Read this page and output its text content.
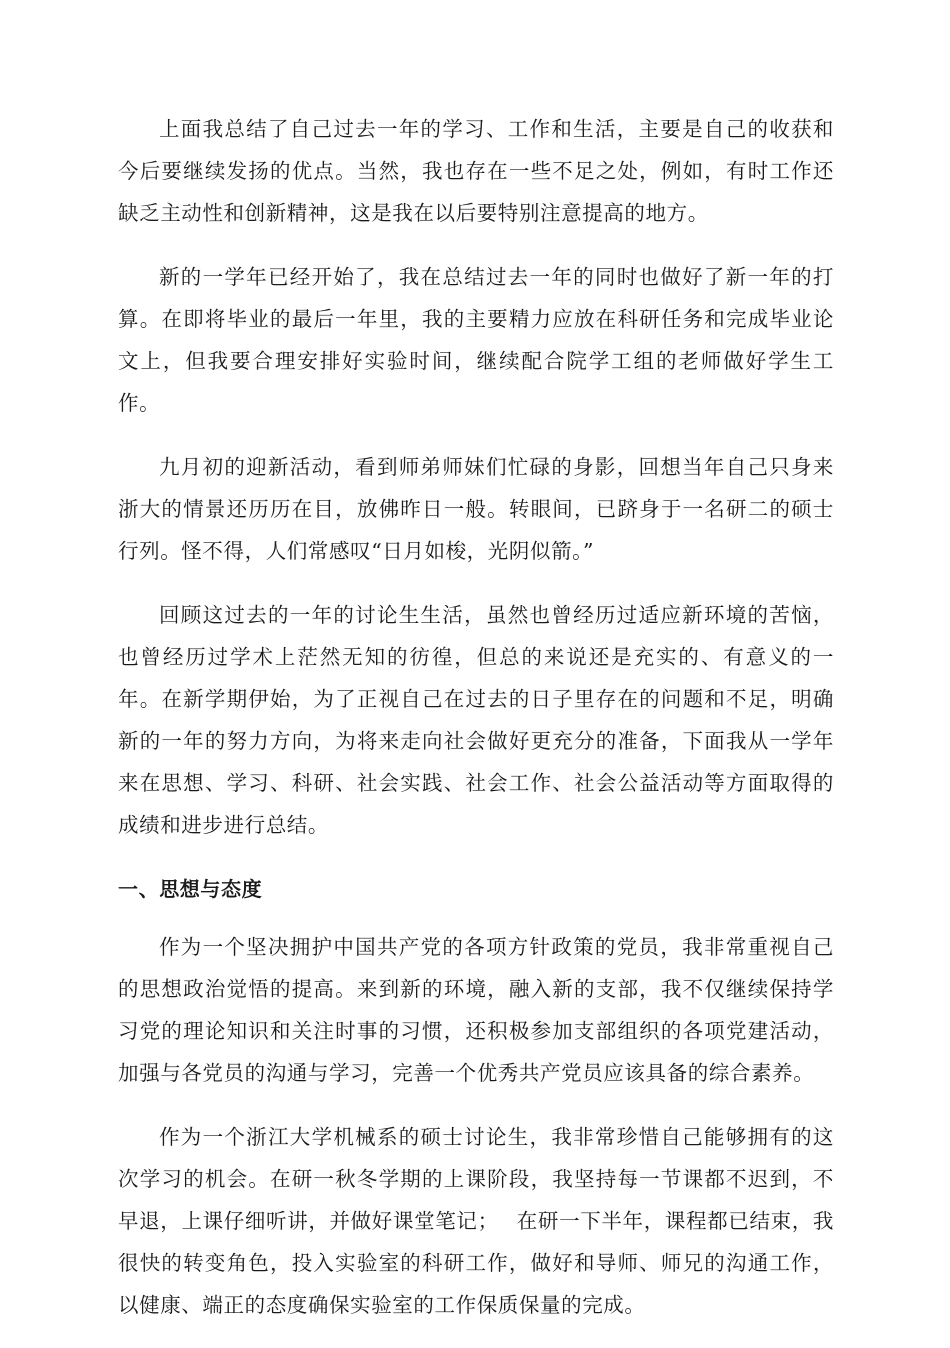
上面我总结了自己过去一年的学习、工作和生活，主要是自己的收获和今后要继续发扬的优点。当然，我也存在一些不足之处，例如，有时工作还缺乏主动性和创新精神，这是我在以后要特别注意提高的地方。

新的一学年已经开始了，我在总结过去一年的同时也做好了新一年的打算。在即将毕业的最后一年里，我的主要精力应放在科研任务和完成毕业论文上，但我要合理安排好实验时间，继续配合院学工组的老师做好学生工作。

九月初的迎新活动，看到师弟师妹们忙碌的身影，回想当年自己只身来浙大的情景还历历在目，放佛昨日一般。转眼间，已跻身于一名研二的硕士行列。怪不得，人们常感叹“日月如梭，光阴似箭。”

回顾这过去的一年的讨论生生活，虽然也曾经历过适应新环境的苦恼，也曾经历过学术上茫然无知的彷徨，但总的来说还是充实的、有意义的一年。在新学期伊始，为了正视自己在过去的日子里存在的问题和不足，明确新的一年的努力方向，为将来走向社会做好更充分的准备，下面我从一学年来在思想、学习、科研、社会实践、社会工作、社会公益活动等方面取得的成绩和进步进行总结。

一、思想与态度

作为一个坚决拥护中国共产党的各项方针政策的党员，我非常重视自己的思想政治觉悟的提高。来到新的环境，融入新的支部，我不仅继续保持学习党的理论知识和关注时事的习惯，还积极参加支部组织的各项党建活动，加强与各党员的沟通与学习，完善一个优秀共产党员应该具备的综合素养。

作为一个浙江大学机械系的硕士讨论生，我非常珍惜自己能够拥有的这次学习的机会。在研一秋冬学期的上课阶段，我坚持每一节课都不迟到，不早退，上课仔细听讲，并做好课堂笔记；　 在研一下半年，课程都已结束，我很快的转变角色，投入实验室的科研工作，做好和导师、师兄的沟通工作，以健康、端正的态度确保实验室的工作保质保量的完成。
